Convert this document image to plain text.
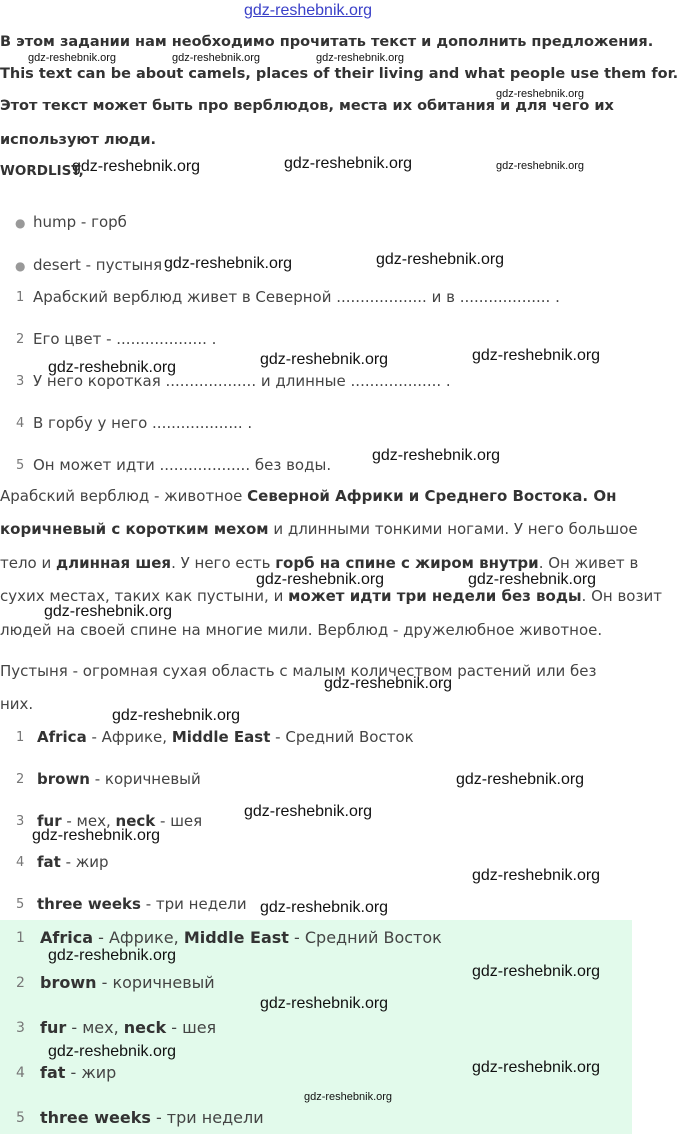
gdz-reshebnik.org
gdz-reshebnik.org	gdz-reshebnik.org	gdz-reshebnik.org
gdz-reshebnik.org
gdz-reshebnik.org	gdz-reshebnik.org	gdz-reshebnik.org
gdz-reshebnik.org	gdz-reshebnik.org
gdz-reshebnik.org	gdz-reshebnik.org	gdz-reshebnik.org
gdz-reshebnik.org
gdz-reshebnik.org	gdz-reshebnik.org
gdz-reshebnik.org
gdz-reshebnik.org
gdz-reshebnik.org
gdz-reshebnik.org
gdz-reshebnik.org
gdz-reshebnik.org
gdz-reshebnik.org
gdz-reshebnik.org
В этом задании нам необходимо прочитать текст и дополнить предложения.
This text can be about camels, places of their living and what people use them for.
Этот текст может быть про верблюдов, места их обитания и для чего их
используют люди.
WORDLIST,
● hump - горб
● desert - пустыня
1 Арабский верблюд живет в Северной ................... и в ................... .
2 Его цвет - ................... .
3 У него короткая ................... и длинные ................... .
4 В горбу у него ................... .
5 Он может идти ................... без воды.
Арабский верблюд - животное Северной Африки и Среднего Востока. Он
коричневый с коротким мехом и длинными тонкими ногами. У него большое
тело и длинная шея. У него есть горб на спине с жиром внутри. Он живет в
сухих местах, таких как пустыни, и может идти три недели без воды. Он возит
людей на своей спине на многие мили. Верблюд - дружелюбное животное.
Пустыня - огромная сухая область с малым количеством растений или без
них.
1 Africa - Африке, Middle East - Средний Восток
2 brown - коричневый
3 fur - мех, neck - шея
4 fat - жир
5 three weeks - три недели
1 Africa - Африке, Middle East - Средний Восток
2 brown - коричневый
3 fur - мех, neck - шея
4 fat - жир
5 three weeks - три недели
gdz-reshebnik.org
gdz-reshebnik.org
gdz-reshebnik.org
gdz-reshebnik.org
gdz-reshebnik.org
gdz-reshebnik.org
